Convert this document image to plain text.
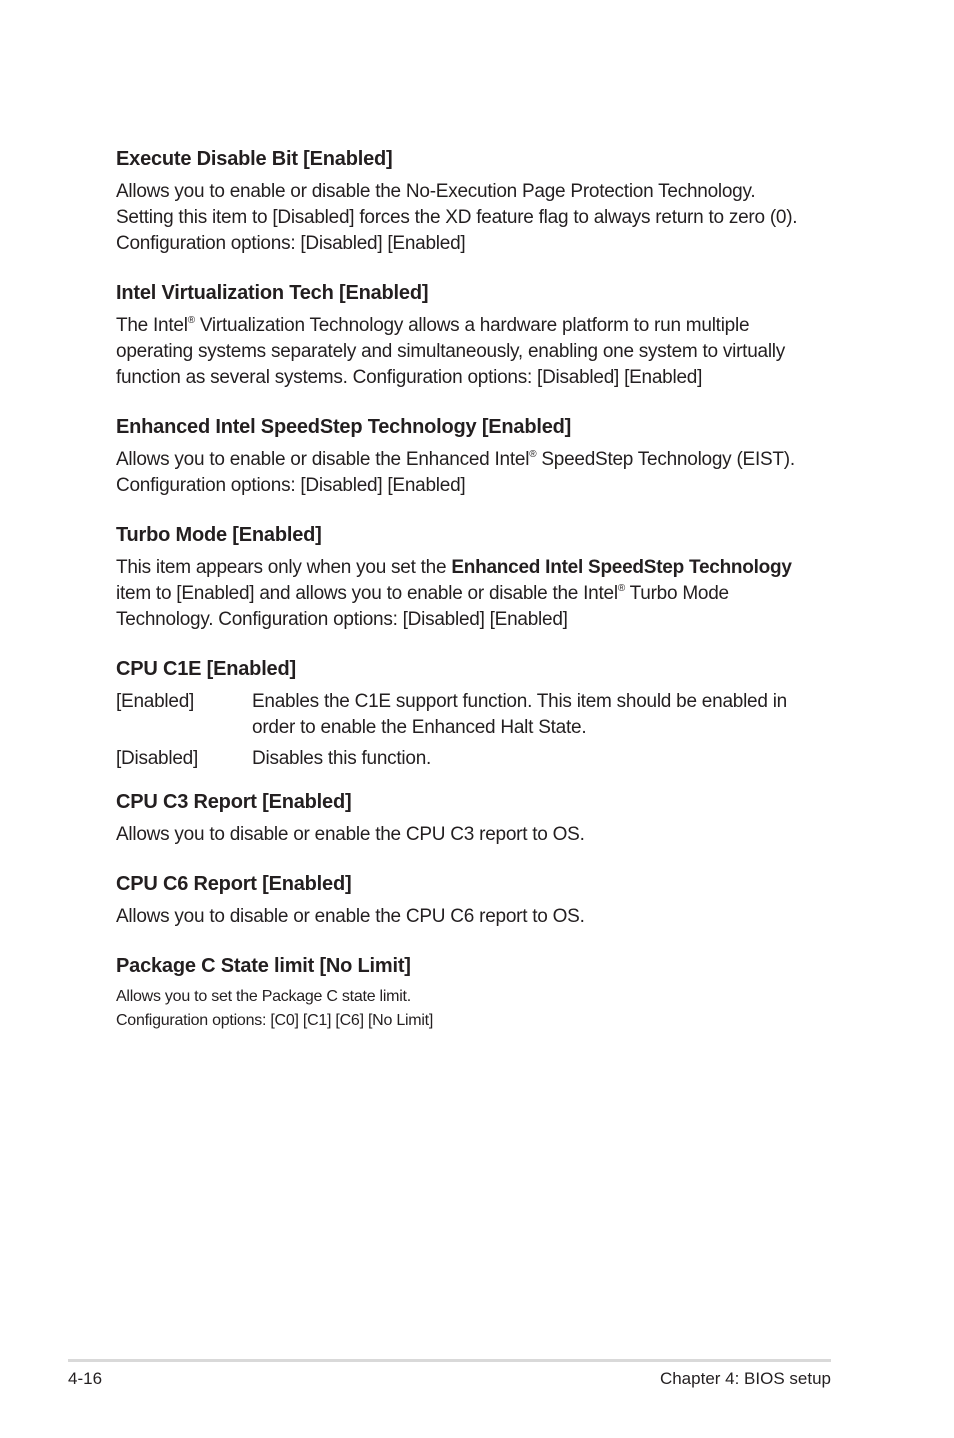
Execute Disable Bit [Enabled]

Allows you to enable or disable the No-Execution Page Protection Technology.
Setting this item to [Disabled] forces the XD feature flag to always return to zero (0).
Configuration options: [Disabled] [Enabled]

Intel Virtualization Tech [Enabled]

The Intel® Virtualization Technology allows a hardware platform to run multiple
operating systems separately and simultaneously, enabling one system to virtually
function as several systems. Configuration options: [Disabled] [Enabled]

Enhanced Intel SpeedStep Technology [Enabled]

Allows you to enable or disable the Enhanced Intel® SpeedStep Technology (EIST).
Configuration options: [Disabled] [Enabled]

Turbo Mode [Enabled]

This item appears only when you set the Enhanced Intel SpeedStep Technology
item to [Enabled] and allows you to enable or disable the Intel® Turbo Mode
Technology. Configuration options: [Disabled] [Enabled]

CPU C1E [Enabled]
[Enabled]	Enables the C1E support function. This item should be enabled in
order to enable the Enhanced Halt State.
[Disabled]	Disables this function.
CPU C3 Report [Enabled]

Allows you to disable or enable the CPU C3 report to OS.

CPU C6 Report [Enabled]

Allows you to disable or enable the CPU C6 report to OS.

Package C State limit [No Limit]

Allows you to set the Package C state limit.
Configuration options: [C0] [C1] [C6] [No Limit]

4-16	Chapter 4: BIOS setup
